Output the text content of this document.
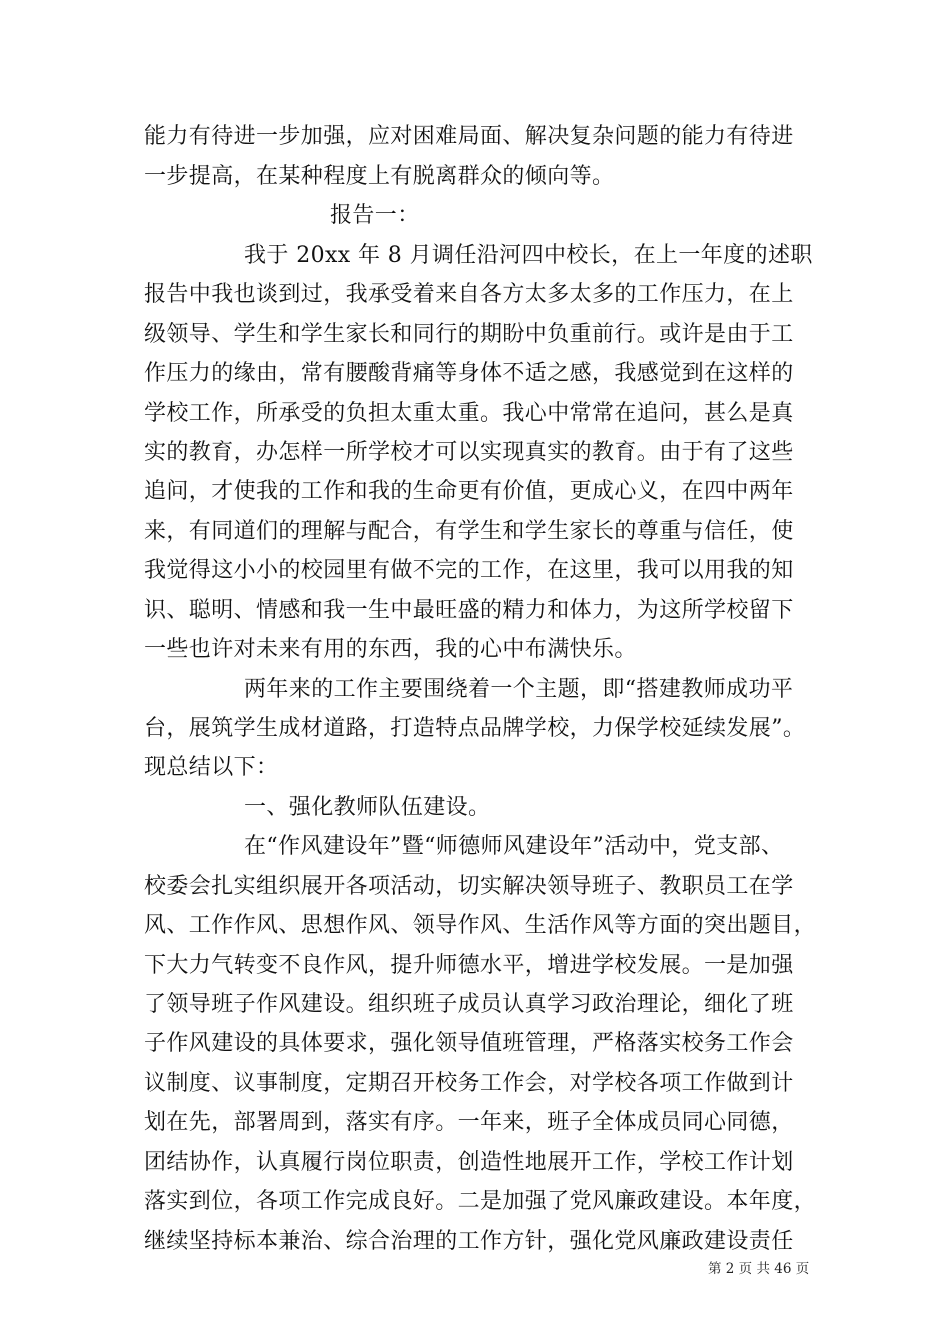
能力有待进一步加强，应对困难局面、解决复杂问题的能力有待进
一步提高，在某种程度上有脱离群众的倾向等。
报告一：
我于 20xx 年 8 月调任沿河四中校长，在上一年度的述职
报告中我也谈到过，我承受着来自各方太多太多的工作压力，在上
级领导、学生和学生家长和同行的期盼中负重前行。或许是由于工
作压力的缘由，常有腰酸背痛等身体不适之感，我感觉到在这样的
学校工作，所承受的负担太重太重。我心中常常在追问，甚么是真
实的教育，办怎样一所学校才可以实现真实的教育。由于有了这些
追问，才使我的工作和我的生命更有价值，更成心义，在四中两年
来，有同道们的理解与配合，有学生和学生家长的尊重与信任，使
我觉得这小小的校园里有做不完的工作，在这里，我可以用我的知
识、聪明、情感和我一生中最旺盛的精力和体力，为这所学校留下
一些也许对未来有用的东西，我的心中布满快乐。
两年来的工作主要围绕着一个主题，即“搭建教师成功平
台，展筑学生成材道路，打造特点品牌学校，力保学校延续发展”。
现总结以下：
一、强化教师队伍建设。
在“作风建设年”暨“师德师风建设年”活动中，党支部、
校委会扎实组织展开各项活动，切实解决领导班子、教职员工在学
风、工作作风、思想作风、领导作风、生活作风等方面的突出题目，
下大力气转变不良作风，提升师德水平，增进学校发展。一是加强
了领导班子作风建设。组织班子成员认真学习政治理论，细化了班
子作风建设的具体要求，强化领导值班管理，严格落实校务工作会
议制度、议事制度，定期召开校务工作会，对学校各项工作做到计
划在先，部署周到，落实有序。一年来，班子全体成员同心同德，
团结协作，认真履行岗位职责，创造性地展开工作，学校工作计划
落实到位，各项工作完成良好。二是加强了党风廉政建设。本年度，
继续坚持标本兼治、综合治理的工作方针，强化党风廉政建设责任
第 2 页 共 46 页
